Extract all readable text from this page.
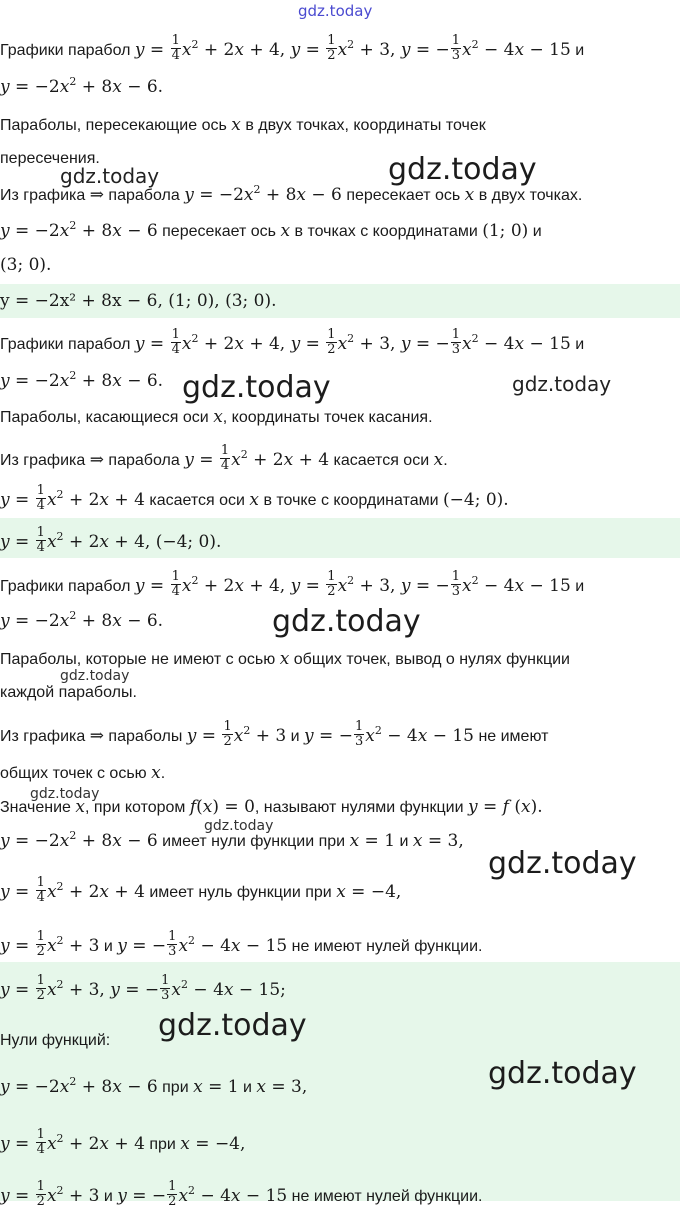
Графики парабол $y = \frac{1}{4} x^2 + 2x + 4$, $y = \frac{1}{2} x^2 + 3$, y = − $\frac{1}{3} x^2 - 4x - 15$ и
$y = -2x^2 + 8x - 6$.
Параболы, пересекающие ось x в двух точках, координаты точек
пересечения.
Из графика ⇒ парабола $y = -2x^2 + 8x - 6$ пересекает ось x в двух точках.
$y = -2x^2 + 8x - 6$ пересекает ось x в точках с координатами (1; 0) и
(3; 0).
y = −2x² + 8x − 6, (1; 0), (3; 0).
Графики парабол $y = \frac{1}{4} x^2 + 2x + 4$, $y = \frac{1}{2} x^2 + 3$, y = − $\frac{1}{3} x^2 - 4x - 15$ и
$y = -2x^2 + 8x - 6$.
Параболы, касающиеся оси x, координаты точек касания.
Из графика ⇒ парабола $y = \frac{1}{4} x^2 + 2x + 4$ касается оси x.
$y = \frac{1}{4} x^2 + 2x + 4$ касается оси x в точке с координатами (−4; 0).
$y = \frac{1}{4} x^2 + 2x + 4$, (−4; 0).
Графики парабол $y = \frac{1}{4} x^2 + 2x + 4$, $y = \frac{1}{2} x^2 + 3$, y = − $\frac{1}{3} x^2 - 4x - 15$ и
$y = -2x^2 + 8x - 6$.
Параболы, которые не имеют с осью x общих точек, вывод о нулях функции
каждой параболы.
Из графика ⇒ параболы $y = \frac{1}{2} x^2 + 3$ и y = − $\frac{1}{3} x^2 - 4x - 15$ не имеют
общих точек с осью x.
Значение x, при котором f(x) = 0, называют нулями функции y = f (x).
$y = -2x^2 + 8x - 6$ имеет нули функции при x = 1 и x = 3,
$y = \frac{1}{4} x^2 + 2x + 4$ имеет нуль функции при x = −4,
$y = \frac{1}{2} x^2 + 3$ и y = − $\frac{1}{3} x^2 - 4x - 15$ не имеют нулей функции.
$y = \frac{1}{2} x^2 + 3$, y = − $\frac{1}{3} x^2 - 4x - 15$;
Нули функций:
$y = -2x^2 + 8x - 6$ при x = 1 и x = 3,
$y = \frac{1}{4} x^2 + 2x + 4$ при x = −4,
$y = \frac{1}{2} x^2 + 3$ и y = − $\frac{1}{2} x^2 - 4x - 15$ не имеют нулей функции.
gdz.today
gdz.today	gdz.today
gdz.today	gdz.today
gdz.today
gdz.today
gdz.today
gdz.today
gdz.today
gdz.today
gdz.today
